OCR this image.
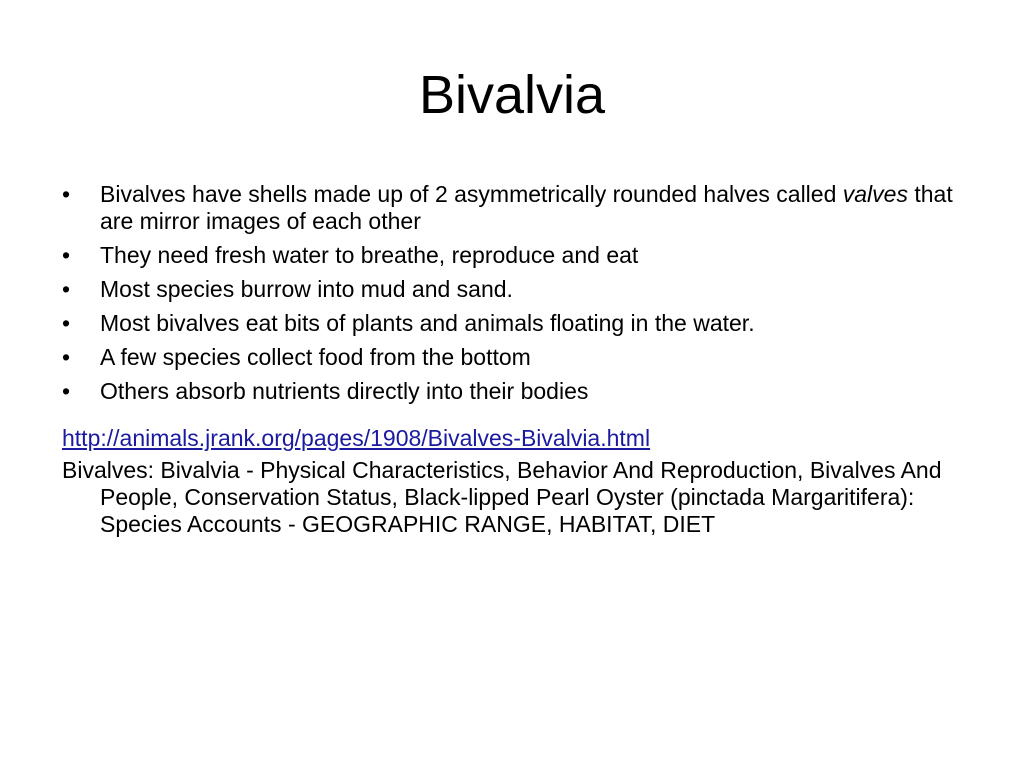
Bivalvia
• Bivalves have shells made up of 2 asymmetrically rounded halves called valves that are mirror images of each other
• They need fresh water to breathe, reproduce and eat
• Most species burrow into mud and sand.
• Most bivalves eat bits of plants and animals floating in the water.
• A few species collect food from the bottom
• Others absorb nutrients directly into their bodies
http://animals.jrank.org/pages/1908/Bivalves-Bivalvia.html

Bivalves: Bivalvia - Physical Characteristics, Behavior And Reproduction, Bivalves And People, Conservation Status, Black-lipped Pearl Oyster (pinctada Margaritifera): Species Accounts - GEOGRAPHIC RANGE, HABITAT, DIET
